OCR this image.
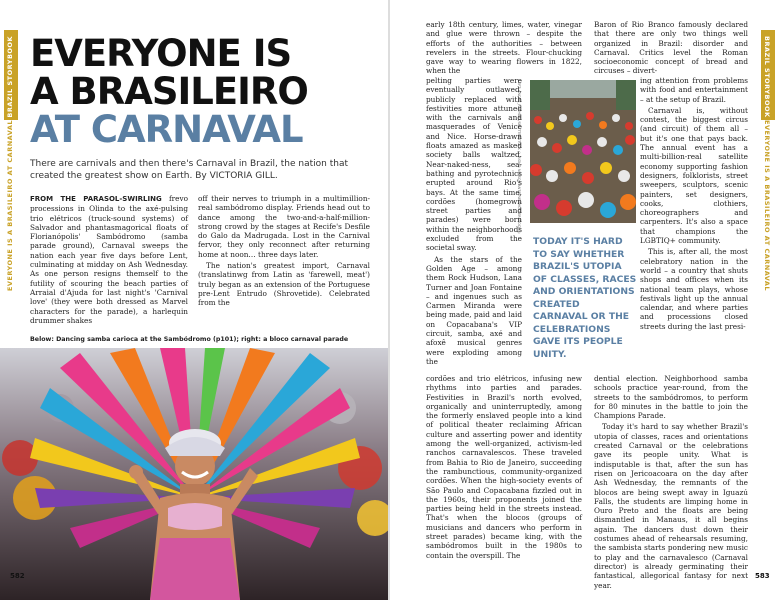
BRAZIL STORYBOOK
EVERYONE IS A BRASILEIRO AT CARNAVAL
EVERYONE IS
A BRASILEIRO
AT CARNAVAL
There are carnivals and then there's Carnaval in Brazil, the nation that created the greatest show on Earth. By VICTORIA GILL.

FROM THE PARASOL-SWIRLING frevo processions in Olinda to the axé-pulsing trio elétricos (truck-sound systems) of Salvador and phantasmagorical floats of Florianópolis' Sambódromo (samba parade ground), Carnaval sweeps the nation each year five days before Lent, culminating at midday on Ash Wednesday. As one person resigns themself to the futility of scouring the beach parties of Arraial d'Ajuda for last night's 'Carnival love' (they were both dressed as Marvel characters for the parade), a harlequin drummer shakes

off their nerves to triumph in a multimillion-real sambódromo display. Friends head out to dance among the two-and-a-half-million-strong crowd by the stages at Recife's Desfile do Galo da Madrugada. Lost in the Carnival fervor, they only reconnect after returning home at noon… three days later.

The nation's greatest import, Carnaval (translatinwg from Latin as 'farewell, meat') truly began as an extension of the Portuguese pre-Lent Entrudo (Shrovetide). Celebrated from the

Below: Dancing samba carioca at the Sambódromo (p101); right: a bloco carnaval parade
582
BRAZIL STORYBOOK
EVERYONE IS A BRASILEIRO AT CARNAVAL
early 18th century, limes, water, vinegar and glue were thrown – despite the efforts of the authorities – between revelers in the streets. Flour-chucking gave way to wearing flowers in 1822, when the
LEFT: ANDRE_RACHAEL/SHUTTERSTOCK © RIGHT: NELSON ANTOINE/SHUTTERSTOCK ©

pelting parties were eventually outlawed, publicly replaced with festivities more attuned with the carnivals and masquerades of Venice and Nice. Horse-drawn floats amazed as masked society balls waltzed. Near-naked-ness, sea-bathing and pyrotechnics erupted around Rio's bays. At the same time, cordões (homegrown street parties and parades) were born within the neighborhoods excluded from the societal sway.

As the stars of the Golden Age – among them Rock Hudson, Lana Turner and Joan Fontaine – and ingenues such as Carmen Miranda were being made, paid and laid on Copacabana's VIP circuit, samba, axé and afoxê musical genres were exploding among the

cordões and trio elétricos, infusing new rhythms into parties and parades. Festivities in Brazil's north evolved, organically and uninterruptedly, among the formerly enslaved people into a kind of political theater reclaiming African culture and asserting power and identity among the well-organized, activism-led ranchos carnavalescos. These traveled from Bahia to Rio de Janeiro, succeeding the rambunctious, community-organized cordões. When the high-society events of São Paulo and Copacabana fizzled out in the 1960s, their proponents joined the parties being held in the streets instead. That's when the blocos (groups of musicians and dancers who perform in street parades) became king, with the sambódromos built in the 1980s to contain the overspill. The
TODAY IT'S HARD TO SAY WHETHER BRAZIL'S UTOPIA OF CLASSES, RACES AND ORIENTATIONS CREATED CARNAVAL OR THE CELEBRATIONS GAVE ITS PEOPLE UNITY.
Baron of Rio Branco famously declared that there are only two things well organized in Brazil: disorder and Carnaval. Critics level the Roman socioeconomic concept of bread and circuses – divert-

ing attention from problems with food and entertainment – at the setup of Brazil.

Carnaval is, without contest, the biggest circus (and circuit) of them all – but it's one that pays back. The annual event has a multi-billion-real satellite economy supporting fashion designers, folklorists, street sweepers, sculptors, scenic painters, set designers, cooks, clothiers, choreographers and carpenters. It's also a space that champions the LGBTIQ+ community.

This is, after all, the most celebratory nation in the world – a country that shuts shops and offices when its national team plays, whose festivals light up the annual calendar, and where parties and processions closed streets during the last presi-

dential election. Neighborhood samba schools practice year-round, from the streets to the sambódromos, to perform for 80 minutes in the battle to join the Champions Parade.

Today it's hard to say whether Brazil's utopia of classes, races and orientations created Carnaval or the celebrations gave its people unity. What is indisputable is that, after the sun has risen on Jericoacoara on the day after Ash Wednesday, the remnants of the blocos are being swept away in Iguazú Falls, the students are limping home in Ouro Preto and the floats are being dismantled in Manaus, it all begins again. The dancers dust down their costumes ahead of rehearsals resuming, the sambista starts pondering new music to play and the carnavalesco (Carnaval director) is already germinating their fantastical, allegorical fantasy for next year.

583
